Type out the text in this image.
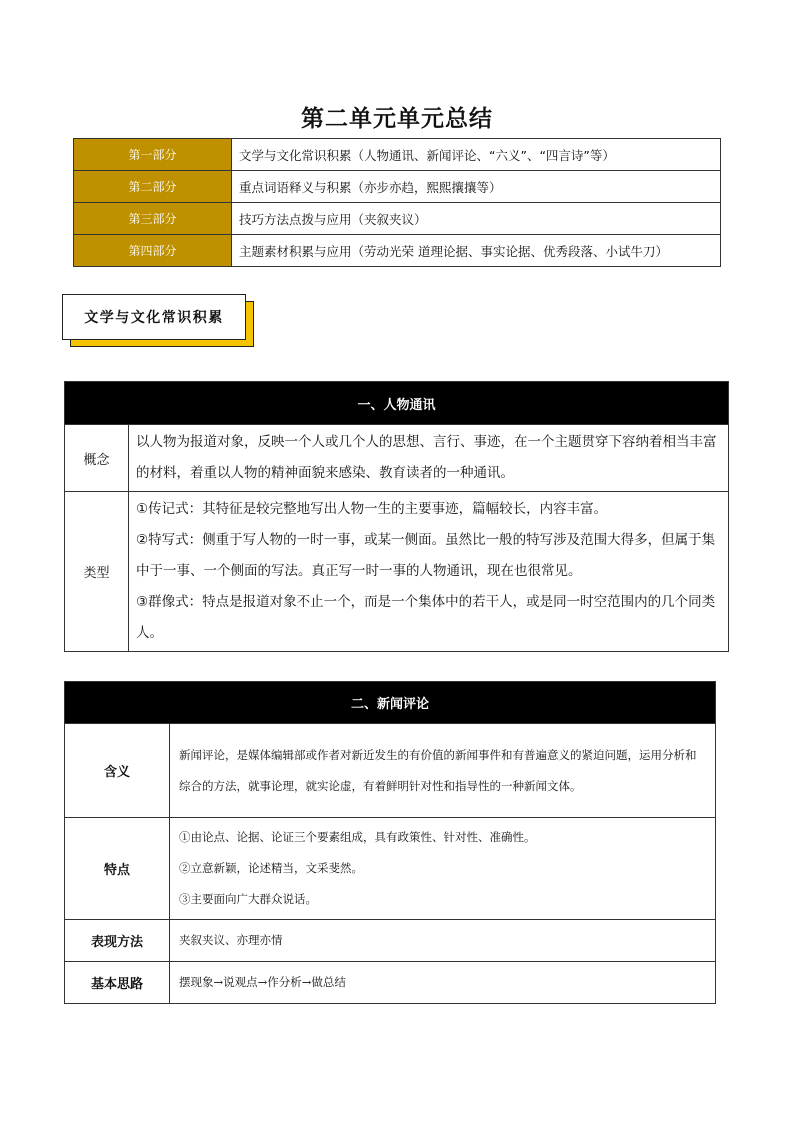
第二单元单元总结
第一部分	文学与文化常识积累（人物通讯、新闻评论、“六义”、“四言诗”等）
第二部分	重点词语释义与积累（亦步亦趋，熙熙攘攘等）
第三部分	技巧方法点拨与应用（夹叙夹议）
第四部分	主题素材积累与应用（劳动光荣 道理论据、事实论据、优秀段落、小试牛刀）
文学与文化常识积累
一、人物通讯	
概念	以人物为报道对象，反映一个人或几个人的思想、言行、事迹，在一个主题贯穿下容纳着相当丰富的材料，着重以人物的精神面貌来感染、教育读者的一种通讯。
类型	①传记式：其特征是较完整地写出人物一生的主要事迹，篇幅较长，内容丰富。

②特写式：侧重于写人物的一时一事，或某一侧面。虽然比一般的特写涉及范围大得多，但属于集中于一事、一个侧面的写法。真正写一时一事的人物通讯，现在也很常见。

③群像式：特点是报道对象不止一个，而是一个集体中的若干人，或是同一时空范围内的几个同类人。

二、新闻评论	
含义	新闻评论，是媒体编辑部或作者对新近发生的有价值的新闻事件和有普遍意义的紧迫问题，运用分析和综合的方法，就事论理，就实论虚，有着鲜明针对性和指导性的一种新闻文体。
特点	①由论点、论据、论证三个要素组成，具有政策性、针对性、准确性。

②立意新颖，论述精当，文采斐然。

③主要面向广大群众说话。

表现方法	夹叙夹议、亦理亦情
基本思路	摆现象→说观点→作分析→做总结
